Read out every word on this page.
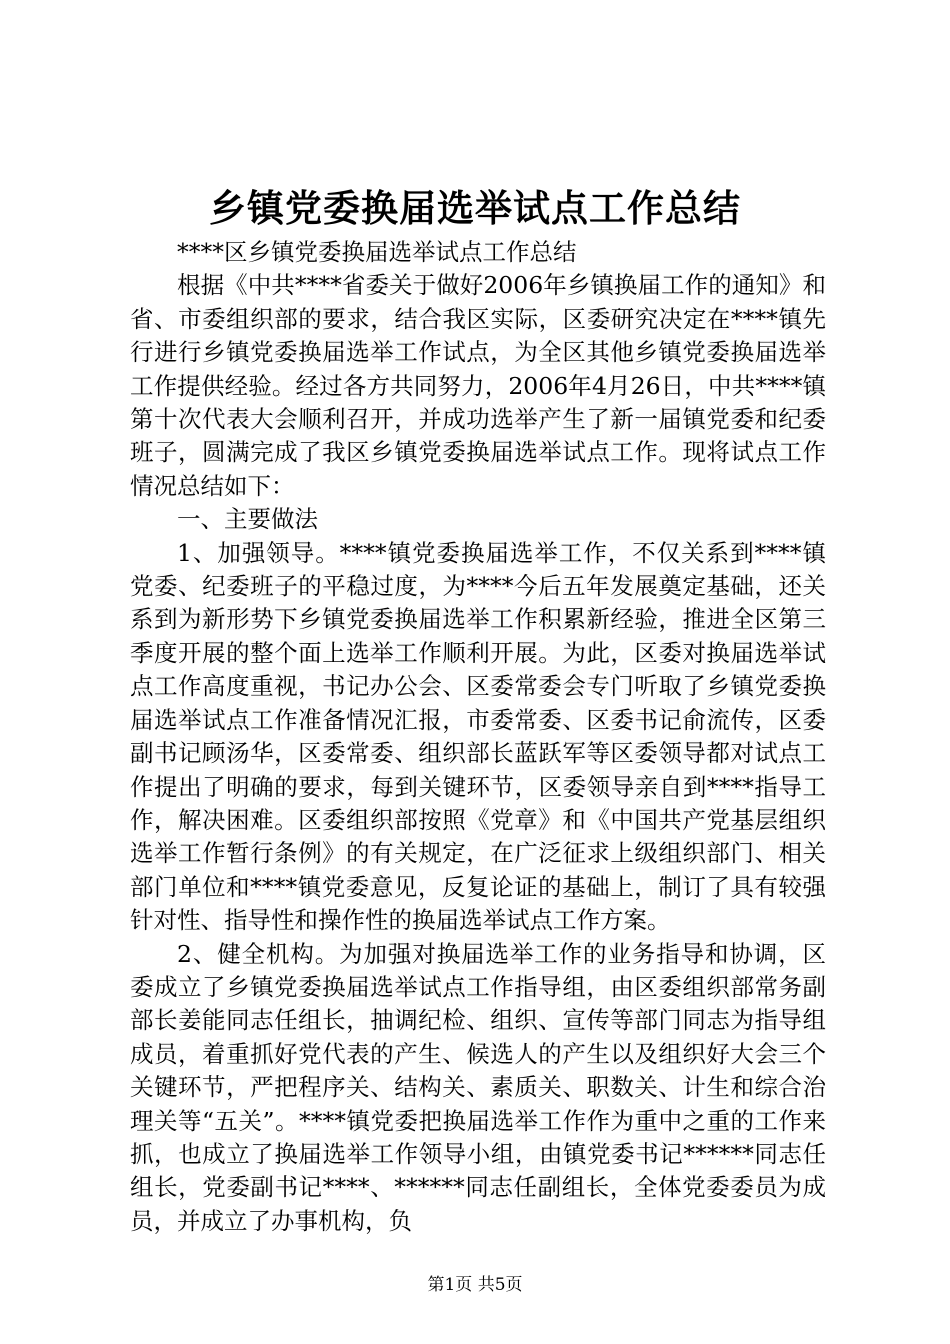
乡镇党委换届选举试点工作总结

****区乡镇党委换届选举试点工作总结

根据《中共****省委关于做好2006年乡镇换届工作的通知》和省、市委组织部的要求，结合我区实际，区委研究决定在****镇先行进行乡镇党委换届选举工作试点，为全区其他乡镇党委换届选举工作提供经验。经过各方共同努力，2006年4月26日，中共****镇第十次代表大会顺利召开，并成功选举产生了新一届镇党委和纪委班子，圆满完成了我区乡镇党委换届选举试点工作。现将试点工作情况总结如下：

一、主要做法

1、加强领导。****镇党委换届选举工作，不仅关系到****镇党委、纪委班子的平稳过度，为****今后五年发展奠定基础，还关系到为新形势下乡镇党委换届选举工作积累新经验，推进全区第三季度开展的整个面上选举工作顺利开展。为此，区委对换届选举试点工作高度重视，书记办公会、区委常委会专门听取了乡镇党委换届选举试点工作准备情况汇报，市委常委、区委书记俞流传，区委副书记顾汤华，区委常委、组织部长蓝跃军等区委领导都对试点工作提出了明确的要求，每到关键环节，区委领导亲自到****指导工作，解决困难。区委组织部按照《党章》和《中国共产党基层组织选举工作暂行条例》的有关规定，在广泛征求上级组织部门、相关部门单位和****镇党委意见，反复论证的基础上，制订了具有较强针对性、指导性和操作性的换届选举试点工作方案。

2、健全机构。为加强对换届选举工作的业务指导和协调，区委成立了乡镇党委换届选举试点工作指导组，由区委组织部常务副部长姜能同志任组长，抽调纪检、组织、宣传等部门同志为指导组成员，着重抓好党代表的产生、候选人的产生以及组织好大会三个关键环节，严把程序关、结构关、素质关、职数关、计生和综合治理关等“五关”。****镇党委把换届选举工作作为重中之重的工作来抓，也成立了换届选举工作领导小组，由镇党委书记******同志任组长，党委副书记****、******同志任副组长，全体党委委员为成员，并成立了办事机构，负

第1页 共5页
